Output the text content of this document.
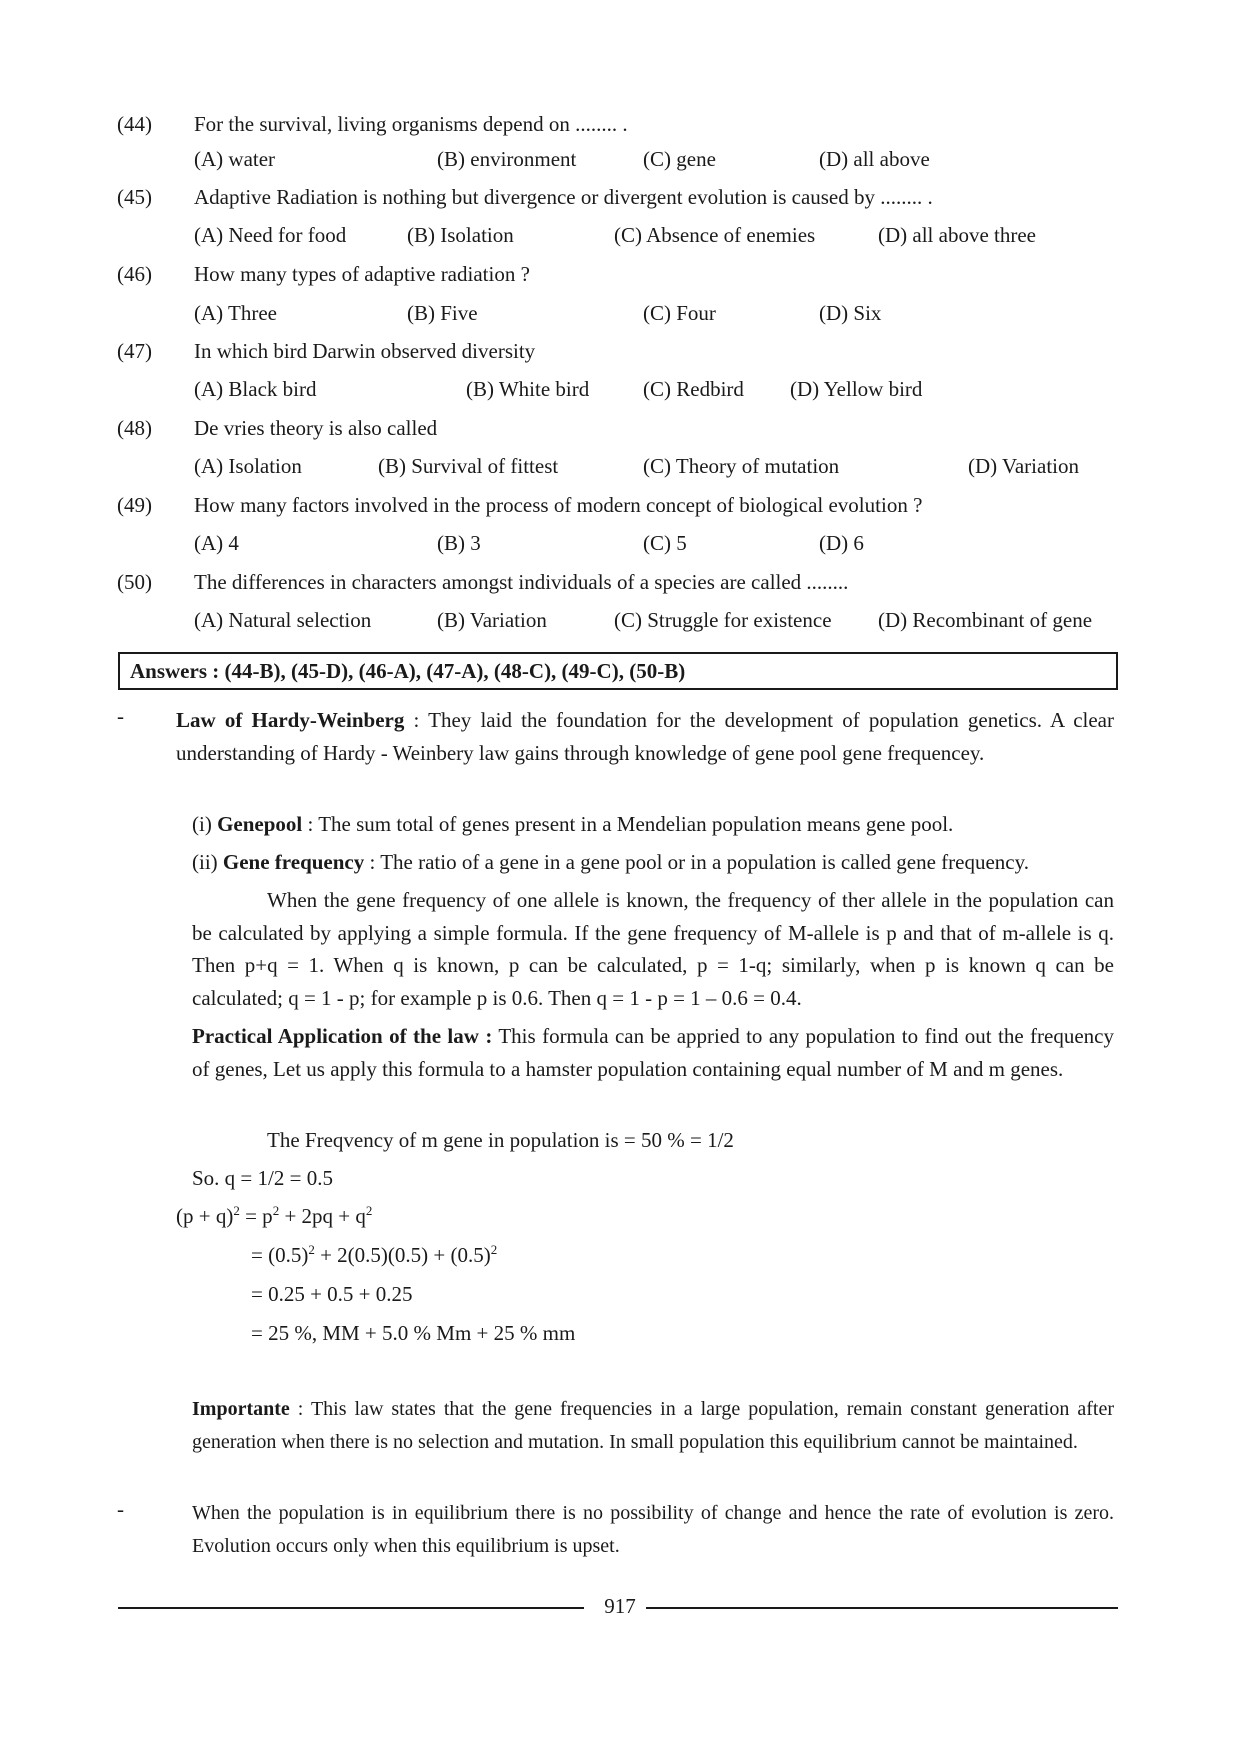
(44) For the survival, living organisms depend on ........ .
(A) water	(B) environment	(C) gene	(D) all above
(45) Adaptive Radiation is nothing but divergence or divergent evolution is caused by ........ .
(A) Need for food	(B) Isolation	(C) Absence of enemies	(D) all above three
(46) How many types of adaptive radiation ?
(A) Three	(B) Five	(C) Four	(D) Six
(47) In which bird Darwin observed diversity
(A) Black bird	(B) White bird	(C) Redbird (D) Yellow bird
(48) De vries theory is also called
(A) Isolation	(B) Survival of fittest	(C) Theory of mutation	(D) Variation
(49) How many factors involved in the process of modern concept of biological evolution ?
(A) 4	(B) 3	(C) 5	(D) 6
(50) The differences in characters amongst individuals of a species are called ........
(A) Natural selection	(B) Variation	(C) Struggle for existence (D) Recombinant of gene
Answers : (44-B), (45-D), (46-A), (47-A), (48-C), (49-C), (50-B)
- Law of Hardy-Weinberg : They laid the foundation for the development of population genetics. A clear understanding of Hardy - Weinbery law gains through knowledge of gene pool gene frequencey.
(i) Genepool : The sum total of genes present in a Mendelian population means gene pool.
(ii) Gene frequency : The ratio of a gene in a gene pool or in a population is called gene frequency.
When the gene frequency of one allele is known, the frequency of ther allele in the population can be calculated by applying a simple formula. If the gene frequency of M-allele is p and that of m-allele is q. Then p+q = 1. When q is known, p can be calculated, p = 1-q; similarly, when p is known q can be calculated; q = 1 - p; for example p is 0.6. Then q = 1 - p = 1 – 0.6 = 0.4.
Practical Application of the law : This formula can be appried to any population to find out the frequency of genes, Let us apply this formula to a hamster population containing equal number of M and m genes.
The Freqvency of m gene in population is = 50 % = 1/2
So. q = 1/2 = 0.5
$(p + q)^2 = p^2 + 2pq + q^2$
= $(0.5)^2 + 2(0.5)(0.5) + (0.5)^2$
= 0.25 + 0.5 + 0.25
= 25 %, MM + 5.0 % Mm + 25 % mm
Importante : This law states that the gene frequencies in a large population, remain constant generation after generation when there is no selection and mutation. In small population this equilibrium cannot be maintained.
-	When the population is in equilibrium there is no possibility of change and hence the rate of evolution is zero. Evolution occurs only when this equilibrium is upset.
917
